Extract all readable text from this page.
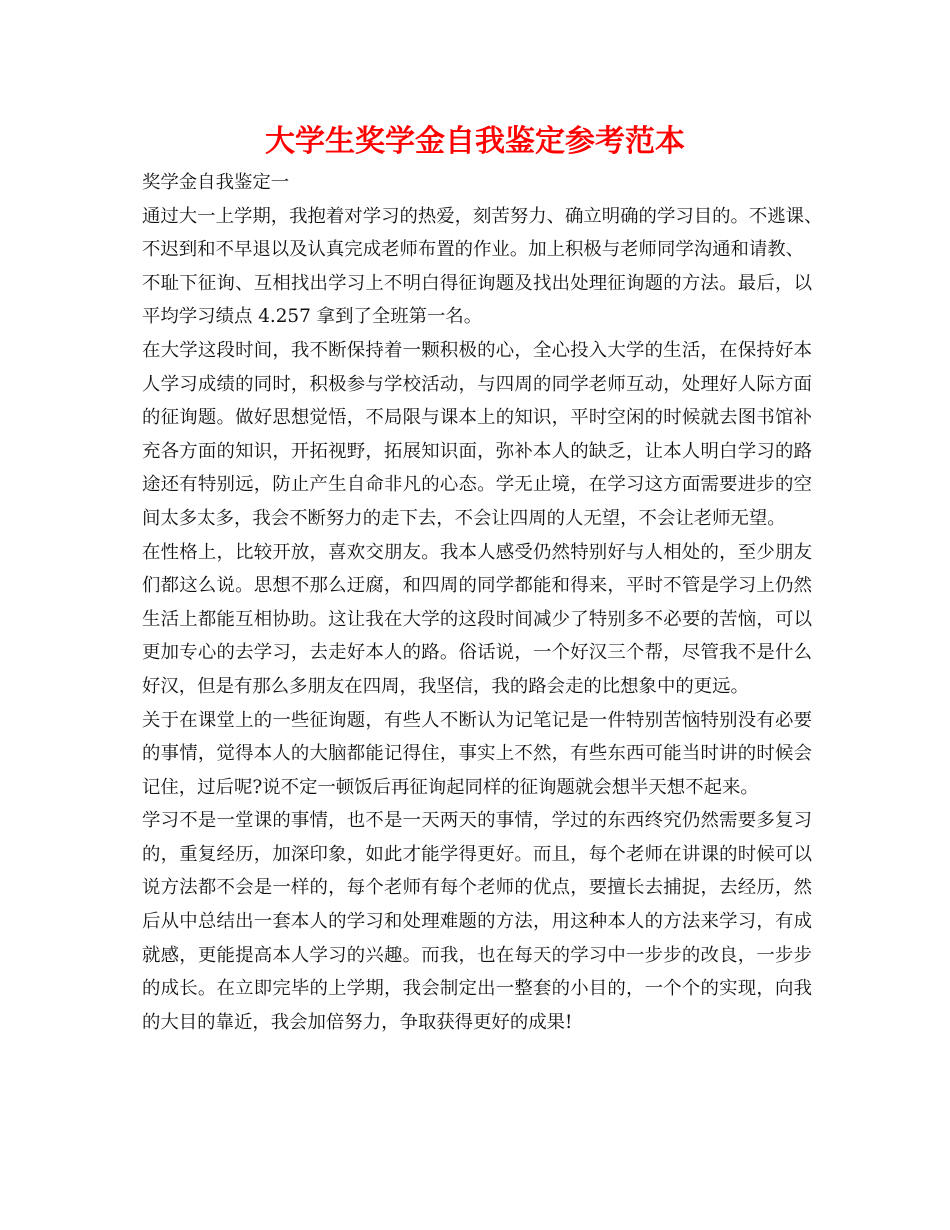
大学生奖学金自我鉴定参考范本
奖学金自我鉴定一
通过大一上学期，我抱着对学习的热爱，刻苦努力、确立明确的学习目的。不逃课、
不迟到和不早退以及认真完成老师布置的作业。加上积极与老师同学沟通和请教、
不耻下征询、互相找出学习上不明白得征询题及找出处理征询题的方法。最后，以
平均学习绩点 4.257 拿到了全班第一名。
在大学这段时间，我不断保持着一颗积极的心，全心投入大学的生活，在保持好本
人学习成绩的同时，积极参与学校活动，与四周的同学老师互动，处理好人际方面
的征询题。做好思想觉悟，不局限与课本上的知识，平时空闲的时候就去图书馆补
充各方面的知识，开拓视野，拓展知识面，弥补本人的缺乏，让本人明白学习的路
途还有特别远，防止产生自命非凡的心态。学无止境，在学习这方面需要进步的空
间太多太多，我会不断努力的走下去，不会让四周的人无望，不会让老师无望。
在性格上，比较开放，喜欢交朋友。我本人感受仍然特别好与人相处的，至少朋友
们都这么说。思想不那么迂腐，和四周的同学都能和得来，平时不管是学习上仍然
生活上都能互相协助。这让我在大学的这段时间减少了特别多不必要的苦恼，可以
更加专心的去学习，去走好本人的路。俗话说，一个好汉三个帮，尽管我不是什么
好汉，但是有那么多朋友在四周，我坚信，我的路会走的比想象中的更远。
关于在课堂上的一些征询题，有些人不断认为记笔记是一件特别苦恼特别没有必要
的事情，觉得本人的大脑都能记得住，事实上不然，有些东西可能当时讲的时候会
记住，过后呢?说不定一顿饭后再征询起同样的征询题就会想半天想不起来。
学习不是一堂课的事情，也不是一天两天的事情，学过的东西终究仍然需要多复习
的，重复经历，加深印象，如此才能学得更好。而且，每个老师在讲课的时候可以
说方法都不会是一样的，每个老师有每个老师的优点，要擅长去捕捉，去经历，然
后从中总结出一套本人的学习和处理难题的方法，用这种本人的方法来学习，有成
就感，更能提高本人学习的兴趣。而我，也在每天的学习中一步步的改良，一步步
的成长。在立即完毕的上学期，我会制定出一整套的小目的，一个个的实现，向我
的大目的靠近，我会加倍努力，争取获得更好的成果!
